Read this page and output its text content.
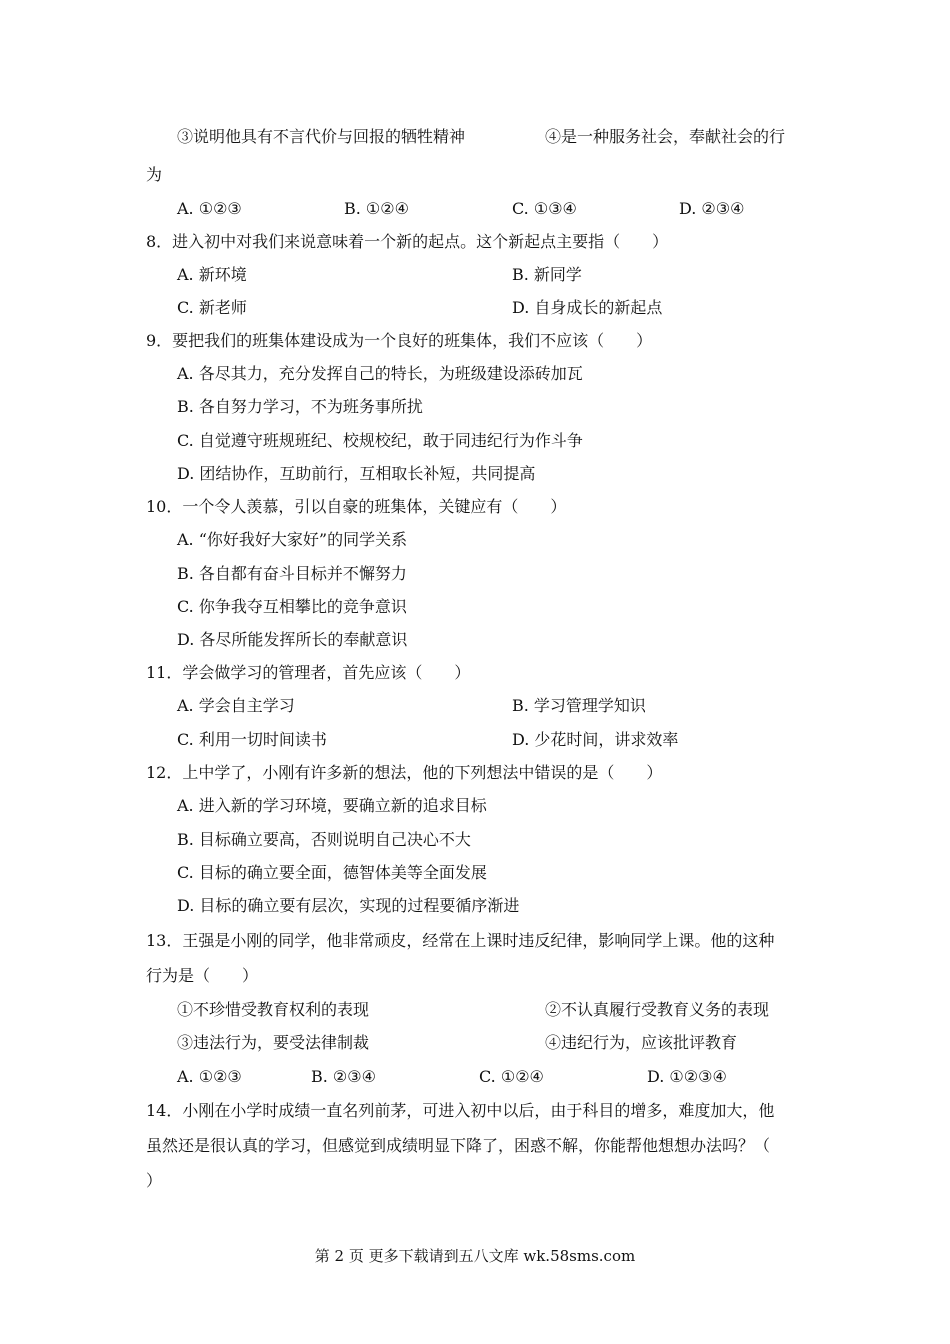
③说明他具有不言代价与回报的牺牲精神	④是一种服务社会，奉献社会的行
为
A. ①②③	B. ①②④	C. ①③④	D. ②③④
8．进入初中对我们来说意味着一个新的起点。这个新起点主要指（　　）
A. 新环境	B. 新同学
C. 新老师	D. 自身成长的新起点
9．要把我们的班集体建设成为一个良好的班集体，我们不应该（　　）
A. 各尽其力，充分发挥自己的特长，为班级建设添砖加瓦
B. 各自努力学习，不为班务事所扰
C. 自觉遵守班规班纪、校规校纪，敢于同违纪行为作斗争
D. 团结协作，互助前行，互相取长补短，共同提高
10．一个令人羡慕，引以自豪的班集体，关键应有（　　）
A. “你好我好大家好”的同学关系
B. 各自都有奋斗目标并不懈努力
C. 你争我夺互相攀比的竞争意识
D. 各尽所能发挥所长的奉献意识
11．学会做学习的管理者，首先应该（　　）
A. 学会自主学习	B. 学习管理学知识
C. 利用一切时间读书	D. 少花时间，讲求效率
12．上中学了，小刚有许多新的想法，他的下列想法中错误的是（　　）
A. 进入新的学习环境，要确立新的追求目标
B. 目标确立要高，否则说明自己决心不大
C. 目标的确立要全面，德智体美等全面发展
D. 目标的确立要有层次，实现的过程要循序渐进
13．王强是小刚的同学，他非常顽皮，经常在上课时违反纪律，影响同学上课。他的这种
行为是（　　）
①不珍惜受教育权利的表现	②不认真履行受教育义务的表现
③违法行为，要受法律制裁	④违纪行为，应该批评教育
A. ①②③	B. ②③④	C. ①②④	D. ①②③④
14．小刚在小学时成绩一直名列前茅，可进入初中以后，由于科目的增多，难度加大，他
虽然还是很认真的学习，但感觉到成绩明显下降了，困惑不解，你能帮他想想办法吗？（
）
第 2 页 更多下载请到五八文库 wk.58sms.com
